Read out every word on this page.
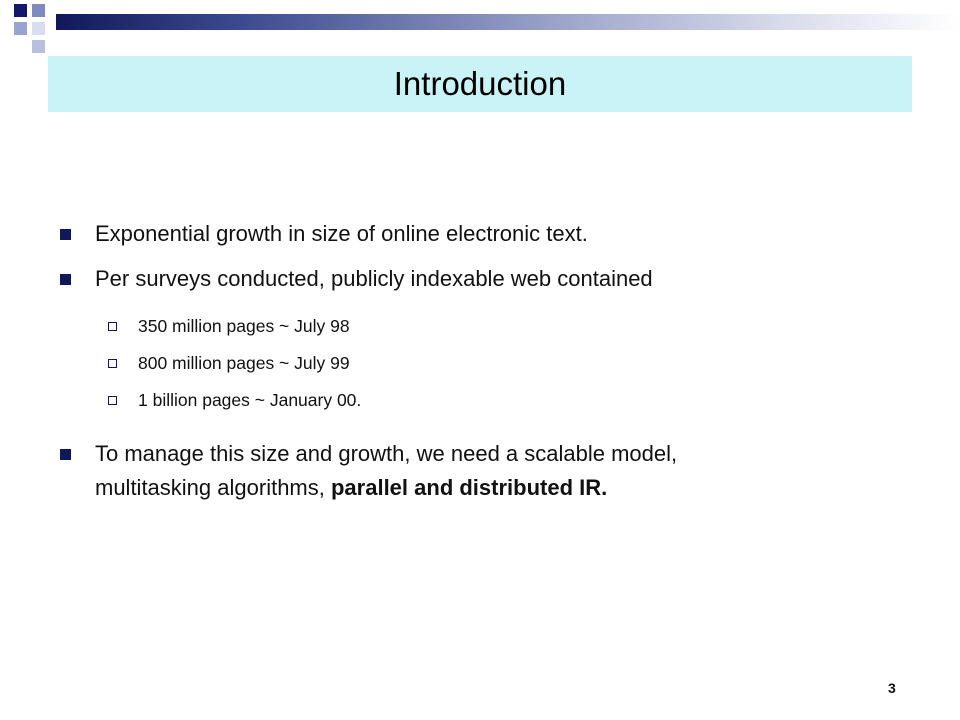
Introduction
Exponential growth in size of online electronic text.
Per surveys conducted, publicly indexable web contained
350 million pages ~ July 98
800 million pages ~ July 99
1 billion pages ~ January 00.
To manage this size and growth, we need a scalable model,
multitasking algorithms, parallel and distributed IR.
3
